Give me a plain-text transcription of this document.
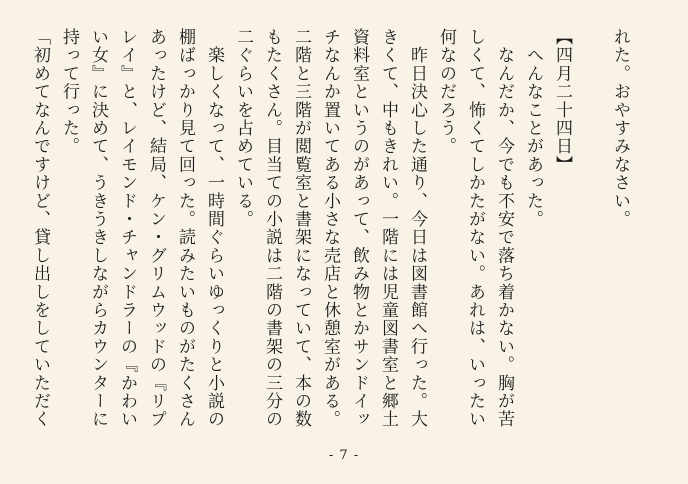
れた。おやすみなさい。

【四月二十四日】
　へんなことがあった。
　なんだか、今でも不安で落ち着かない。胸が苦
しくて、怖くてしかたがない。あれは、いったい
何なのだろう。
　昨日決心した通り、今日は図書館へ行った。大
きくて、中もきれい。一階には児童図書室と郷土
資料室というのがあって、飲み物とかサンドイッ
チなんか置いてある小さな売店と休憩室がある。
二階と三階が閲覧室と書架になっていて、本の数
もたくさん。目当ての小説は二階の書架の三分の
二ぐらいを占めている。
　楽しくなって、一時間ぐらいゆっくりと小説の
棚ばっかり見て回った。読みたいものがたくさん
あったけど、結局、ケン・グリムウッドの『リプ
レイ』と、レイモンド・チャンドラーの『かわい
い女』に決めて、うきうきしながらカウンターに
持って行った。
「初めてなんですけど、貸し出しをしていただく
- 7 -
